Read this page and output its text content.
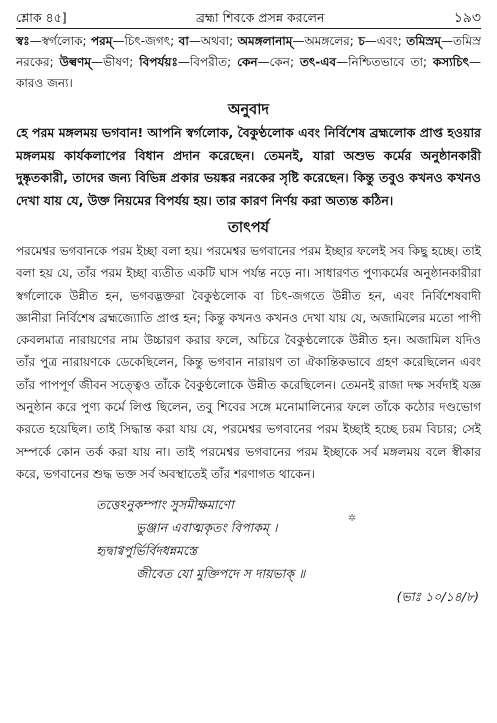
শ্লোক ৪৫]	ব্রহ্মা শিবকে প্রসন্ন করলেন	১৯৩
স্বঃ—স্বর্গলোক; পরম্—চিৎ-জগৎ; বা—অথবা; অমঙ্গলানাম্—অমঙ্গলের; চ—এবং; তমিস্রম্—তমিস্র নরকের; উল্বণম্—ভীষণ; বিপর্যয়ঃ—বিপরীত; কেন—কেন; তৎ-এব—নিশ্চিতভাবে তা; কস্যচিৎ—কারও জন্য।
অনুবাদ
হে পরম মঙ্গলময় ভগবান! আপনি স্বর্গলোক, বৈকুণ্ঠলোক এবং নির্বিশেষ ব্রহ্মলোক প্রাপ্ত হওয়ার মঙ্গলময় কার্যকলাপের বিধান প্রদান করেছেন। তেমনই, যারা অশুভ কর্মের অনুষ্ঠানকারী দুষ্কৃতকারী, তাদের জন্য বিভিন্ন প্রকার ভয়ঙ্কর নরকের সৃষ্টি করেছেন। কিন্তু তবুও কখনও কখনও দেখা যায় যে, উক্ত নিয়মের বিপর্যয় হয়। তার কারণ নির্ণয় করা অত্যন্ত কঠিন।
তাৎপর্য
পরমেশ্বর ভগবানকে পরম ইচ্ছা বলা হয়। পরমেশ্বর ভগবানের পরম ইচ্ছার ফলেই সব কিছু হচ্ছে। তাই বলা হয় যে, তাঁর পরম ইচ্ছা ব্যতীত একটি ঘাস পর্যন্ত নড়ে না। সাধারণত পুণ্যকর্মের অনুষ্ঠানকারীরা স্বর্গলোকে উন্নীত হন, ভগবদ্ভক্তরা বৈকুণ্ঠলোক বা চিৎ-জগতে উন্নীত হন, এবং নির্বিশেষবাদী জ্ঞানীরা নির্বিশেষ ব্রহ্মজ্যোতি প্রাপ্ত হন; কিন্তু কখনও কখনও দেখা যায় যে, অজামিলের মতো পাপী কেবলমাত্র নারায়ণের নাম উচ্চারণ করার ফলে, অচিরে বৈকুণ্ঠলোকে উন্নীত হন। অজামিল যদিও তাঁর পুত্র নারায়ণকে ডেকেছিলেন, কিন্তু ভগবান নারায়ণ তা ঐকান্তিকভাবে গ্রহণ করেছিলেন এবং তাঁর পাপপূর্ণ জীবন সত্ত্বেও তাঁকে বৈকুণ্ঠলোকে উন্নীত করেছিলেন। তেমনই রাজা দক্ষ সর্বদাই যজ্ঞ অনুষ্ঠান করে পুণ্য কর্মে লিপ্ত ছিলেন, তবু শিবের সঙ্গে মনোমালিন্যের ফলে তাঁকে কঠোর দণ্ডভোগ করতে হয়েছিল। তাই সিদ্ধান্ত করা যায় যে, পরমেশ্বর ভগবানের পরম ইচ্ছাই হচ্ছে চরম বিচার; সেই সম্পর্কে কোন তর্ক করা যায় না। তাই পরমেশ্বর ভগবানের পরম ইচ্ছাকে সর্ব মঙ্গলময় বলে স্বীকার করে, ভগবানের শুদ্ধ ভক্ত সর্ব অবস্থাতেই তাঁর শরণাগত থাকেন।
তত্তেঽনুকম্পাং সুসমীক্ষমাণো
ভুঞ্জান এবাত্মকৃতং বিপাকম্ ।
হৃদ্বাগ্বপুর্ভির্বিদধন্নমস্তে
জীবেত যো মুক্তিপদে স দায়ভাক্ ॥
(ভাঃ ১০/১৪/৮)
✲
